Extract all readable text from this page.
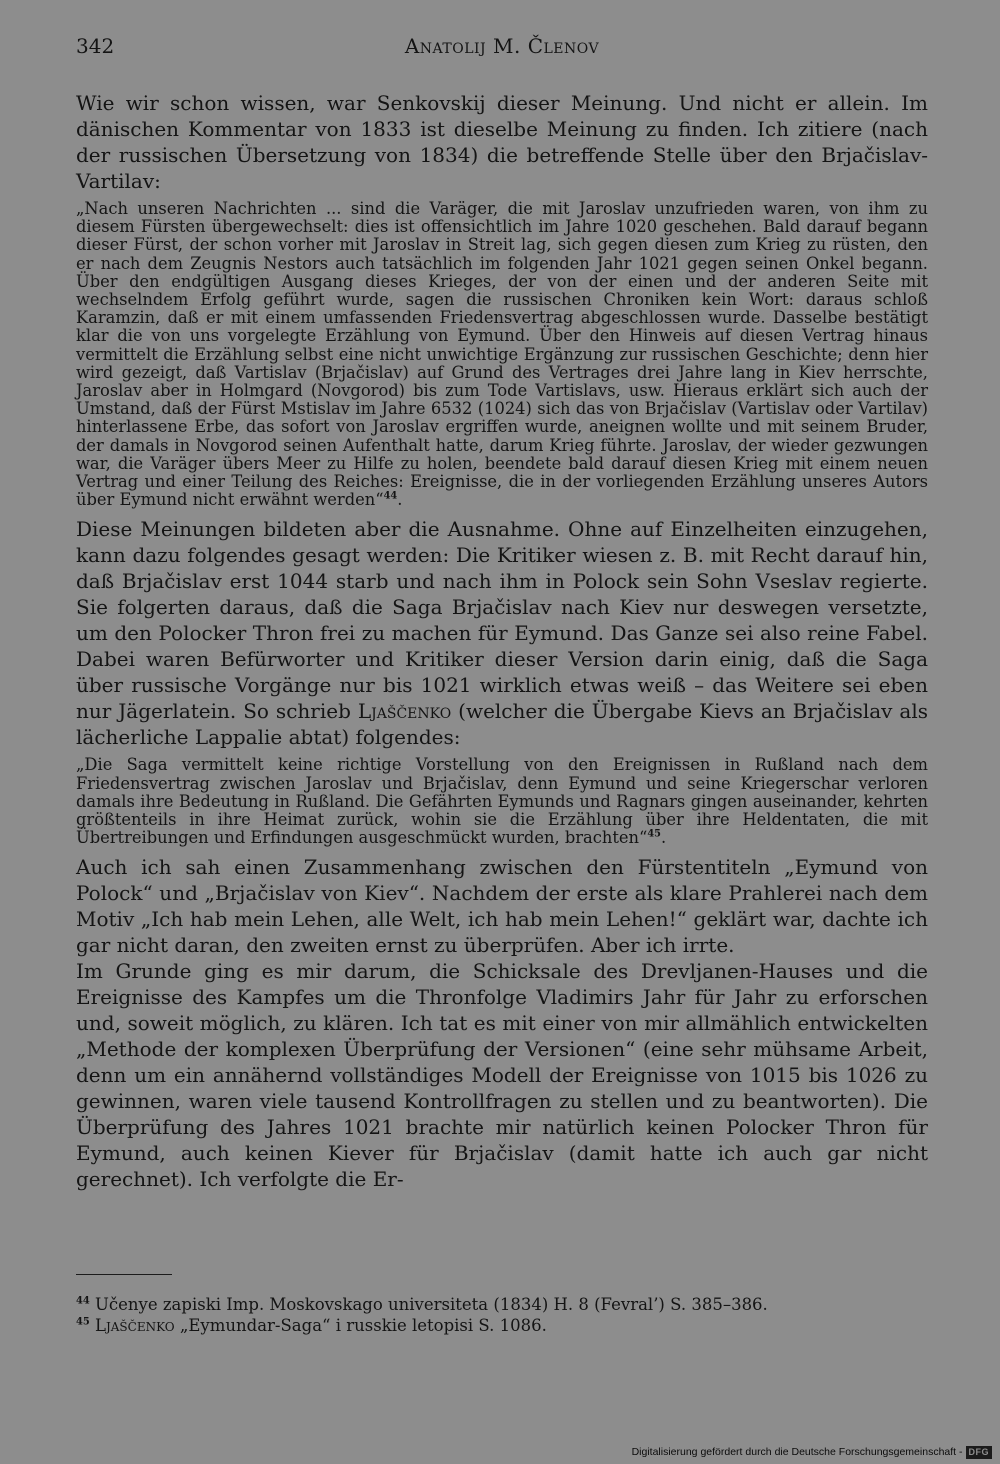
342	Anatolij M. Členov

Wie wir schon wissen, war Senkovskij dieser Meinung. Und nicht er allein. Im dänischen Kommentar von 1833 ist dieselbe Meinung zu finden. Ich zitiere (nach der russischen Übersetzung von 1834) die betreffende Stelle über den Brjačislav-Vartilav:

„Nach unseren Nachrichten ... sind die Varäger, die mit Jaroslav unzufrieden waren, von ihm zu diesem Fürsten übergewechselt: dies ist offensichtlich im Jahre 1020 geschehen. Bald darauf begann dieser Fürst, der schon vorher mit Jaroslav in Streit lag, sich gegen diesen zum Krieg zu rüsten, den er nach dem Zeugnis Nestors auch tatsächlich im folgenden Jahr 1021 gegen seinen Onkel begann. Über den endgültigen Ausgang dieses Krieges, der von der einen und der anderen Seite mit wechselndem Erfolg geführt wurde, sagen die russischen Chroniken kein Wort: daraus schloß Karamzin, daß er mit einem umfassenden Friedensvertrag abgeschlossen wurde. Dasselbe bestätigt klar die von uns vorgelegte Erzählung von Eymund. Über den Hinweis auf diesen Vertrag hinaus vermittelt die Erzählung selbst eine nicht unwichtige Ergänzung zur russischen Geschichte; denn hier wird gezeigt, daß Vartislav (Brjačislav) auf Grund des Vertrages drei Jahre lang in Kiev herrschte, Jaroslav aber in Holmgard (Novgorod) bis zum Tode Vartislavs, usw. Hieraus erklärt sich auch der Umstand, daß der Fürst Mstislav im Jahre 6532 (1024) sich das von Brjačislav (Vartislav oder Vartilav) hinterlassene Erbe, das sofort von Jaroslav ergriffen wurde, aneignen wollte und mit seinem Bruder, der damals in Novgorod seinen Aufenthalt hatte, darum Krieg führte. Jaroslav, der wieder gezwungen war, die Varäger übers Meer zu Hilfe zu holen, beendete bald darauf diesen Krieg mit einem neuen Vertrag und einer Teilung des Reiches: Ereignisse, die in der vorliegenden Erzählung unseres Autors über Eymund nicht erwähnt werden“$^{44}$.

Diese Meinungen bildeten aber die Ausnahme. Ohne auf Einzelheiten einzugehen, kann dazu folgendes gesagt werden: Die Kritiker wiesen z. B. mit Recht darauf hin, daß Brjačislav erst 1044 starb und nach ihm in Polock sein Sohn Vseslav regierte. Sie folgerten daraus, daß die Saga Brjačislav nach Kiev nur deswegen versetzte, um den Polocker Thron frei zu machen für Eymund. Das Ganze sei also reine Fabel. Dabei waren Befürworter und Kritiker dieser Version darin einig, daß die Saga über russische Vorgänge nur bis 1021 wirklich etwas weiß – das Weitere sei eben nur Jägerlatein. So schrieb Ljaščenko (welcher die Übergabe Kievs an Brjačislav als lächerliche Lappalie abtat) folgendes:

„Die Saga vermittelt keine richtige Vorstellung von den Ereignissen in Rußland nach dem Friedensvertrag zwischen Jaroslav und Brjačislav, denn Eymund und seine Kriegerschar verloren damals ihre Bedeutung in Rußland. Die Gefährten Eymunds und Ragnars gingen auseinander, kehrten größtenteils in ihre Heimat zurück, wohin sie die Erzählung über ihre Heldentaten, die mit Übertreibungen und Erfindungen ausgeschmückt wurden, brachten“$^{45}$.

Auch ich sah einen Zusammenhang zwischen den Fürstentiteln „Eymund von Polock“ und „Brjačislav von Kiev“. Nachdem der erste als klare Prahlerei nach dem Motiv „Ich hab mein Lehen, alle Welt, ich hab mein Lehen!“ geklärt war, dachte ich gar nicht daran, den zweiten ernst zu überprüfen. Aber ich irrte.

Im Grunde ging es mir darum, die Schicksale des Drevljanen-Hauses und die Ereignisse des Kampfes um die Thronfolge Vladimirs Jahr für Jahr zu erforschen und, soweit möglich, zu klären. Ich tat es mit einer von mir allmählich entwickelten „Methode der komplexen Überprüfung der Versionen“ (eine sehr mühsame Arbeit, denn um ein annähernd vollständiges Modell der Ereignisse von 1015 bis 1026 zu gewinnen, waren viele tausend Kontrollfragen zu stellen und zu beantworten). Die Überprüfung des Jahres 1021 brachte mir natürlich keinen Polocker Thron für Eymund, auch keinen Kiever für Brjačislav (damit hatte ich auch gar nicht gerechnet). Ich verfolgte die Er-

$^{44}$ Učenye zapiski Imp. Moskovskago universiteta (1834) H. 8 (Fevral’) S. 385–386.

$^{45}$ Ljaščenko „Eymundar-Saga“ i russkie letopisi S. 1086.

Digitalisierung gefördert durch die Deutsche Forschungsgemeinschaft - DFG
